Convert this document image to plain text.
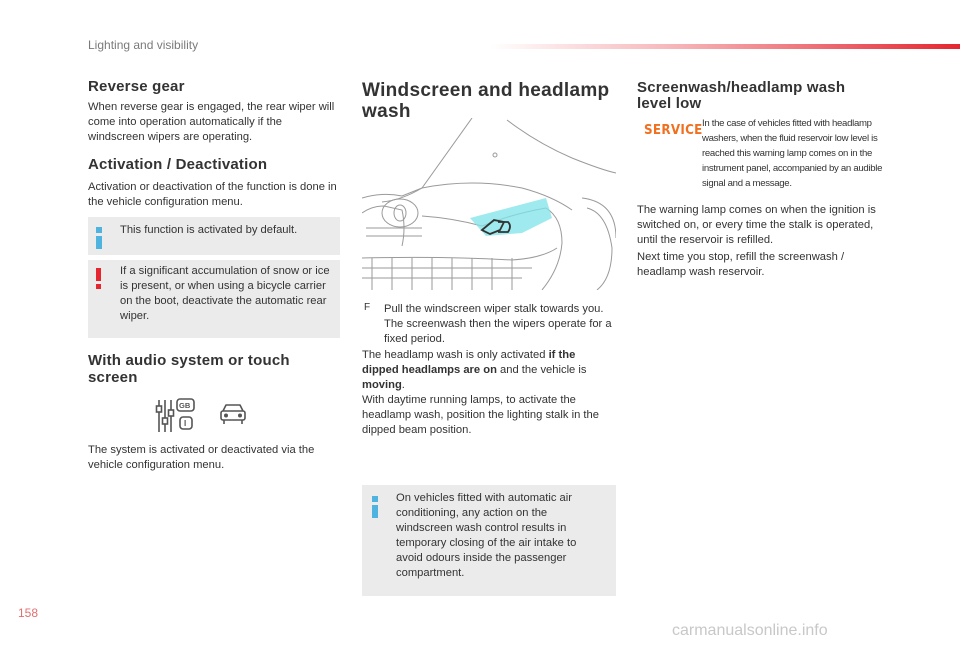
Lighting and visibility
Reverse gear

When reverse gear is engaged, the rear wiper will come into operation automatically if the windscreen wipers are operating.

Activation / Deactivation

Activation or deactivation of the function is done in the vehicle configuration menu.

This function is activated by default.

If a significant accumulation of snow or ice is present, or when using a bicycle carrier on the boot, deactivate the automatic rear wiper.

With audio system or touch screen
GB
I

The system is activated or deactivated via the vehicle configuration menu.

Windscreen and headlamp wash
F Pull the windscreen wiper stalk towards you. The screenwash then the wipers operate for a fixed period.

The headlamp wash is only activated if the dipped headlamps are on and the vehicle is moving.

With daytime running lamps, to activate the headlamp wash, position the lighting stalk in the dipped beam position.

On vehicles fitted with automatic air conditioning, any action on the windscreen wash control results in temporary closing of the air intake to avoid odours inside the passenger compartment.

Screenwash/headlamp wash level low
SERVICE In the case of vehicles fitted with headlamp washers, when the fluid reservoir low level is reached this warning lamp comes on in the instrument panel, accompanied by an audible signal and a message.

The warning lamp comes on when the ignition is switched on, or every time the stalk is operated, until the reservoir is refilled.

Next time you stop, refill the screenwash / headlamp wash reservoir.

158
carmanualsonline.info
